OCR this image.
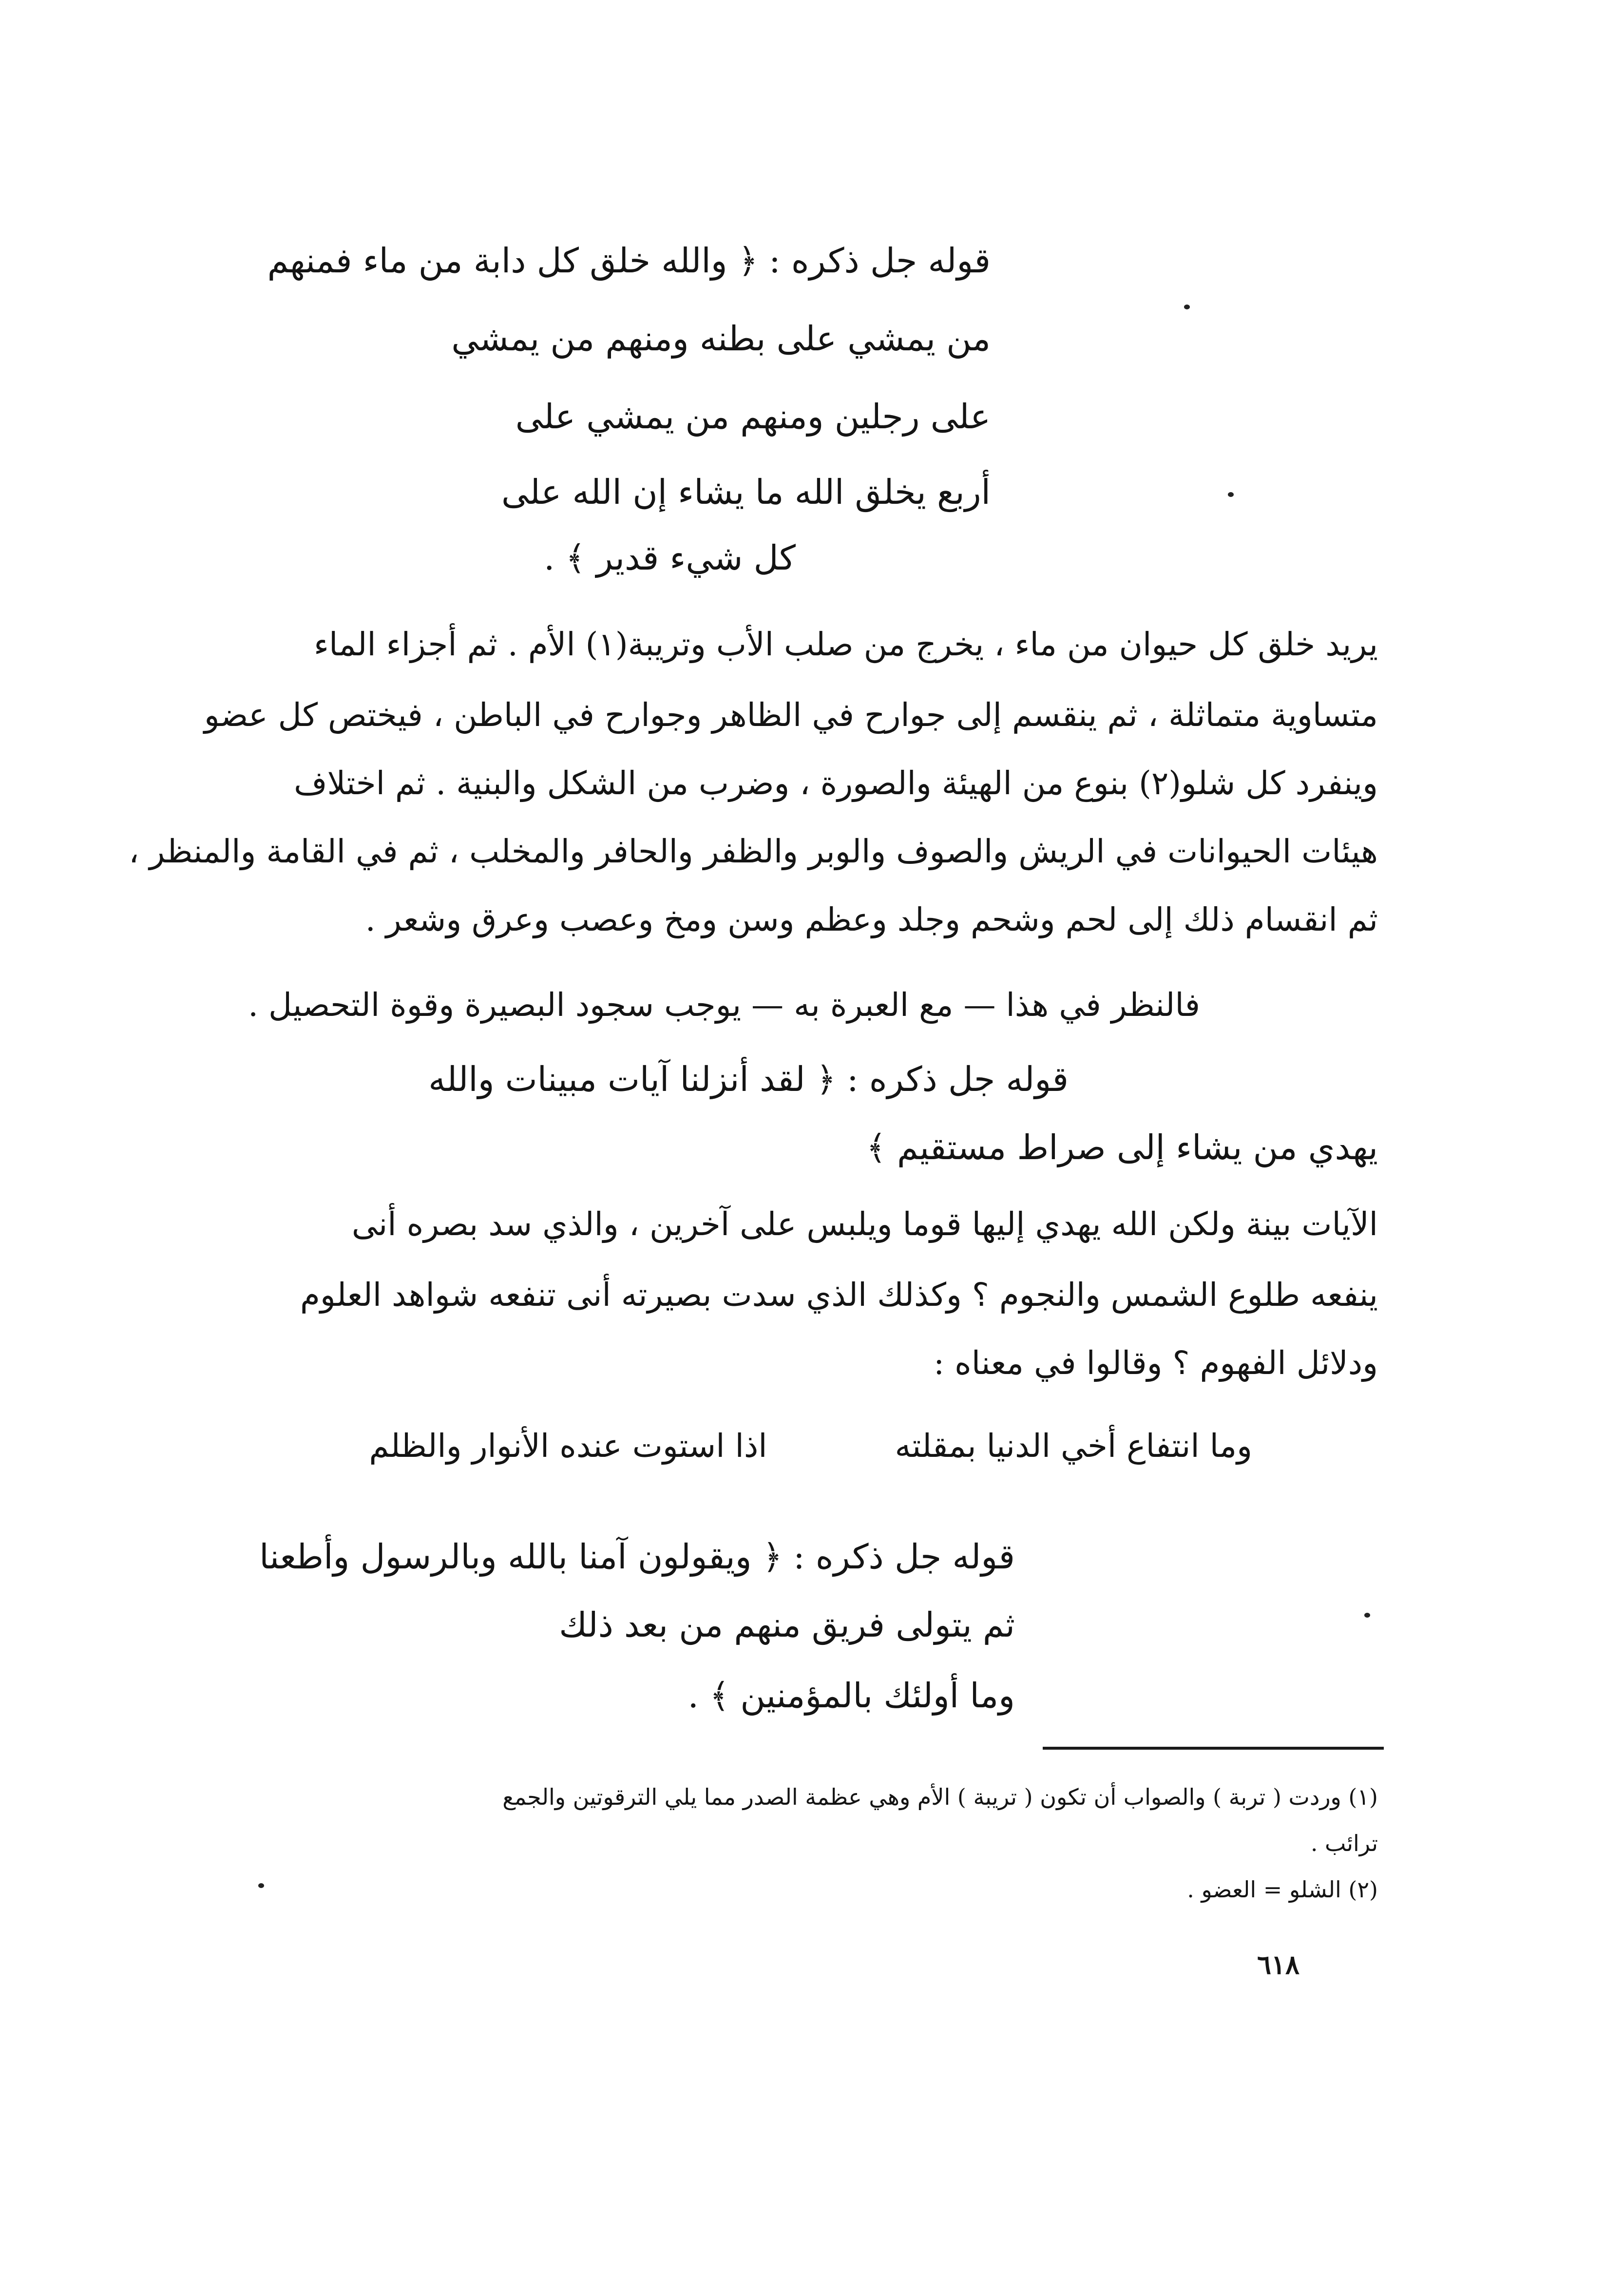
قوله جل ذكره : ﴿ والله خلق كل دابة من ماء فمنهم
من يمشي على بطنه ومنهم من يمشي
على رجلين ومنهم من يمشي على
أربع يخلق الله ما يشاء إن الله على
كل شيء قدير ﴾ .
يريد خلق كل حيوان من ماء ، يخرج من صلب الأب وتريبة(١) الأم . ثم أجزاء الماء
متساوية متماثلة ، ثم ينقسم إلى جوارح في الظاهر وجوارح في الباطن ، فيختص كل عضو
وينفرد كل شلو(٢) بنوع من الهيئة والصورة ، وضرب من الشكل والبنية . ثم اختلاف
هيئات الحيوانات في الريش والصوف والوبر والظفر والحافر والمخلب ، ثم في القامة والمنظر ،
ثم انقسام ذلك إلى لحم وشحم وجلد وعظم وسن ومخ وعصب وعرق وشعر .
فالنظر في هذا — مع العبرة به — يوجب سجود البصيرة وقوة التحصيل .
قوله جل ذكره : ﴿ لقد أنزلنا آيات مبينات والله
يهدي من يشاء إلى صراط مستقيم ﴾
الآيات بينة ولكن الله يهدي إليها قوما ويلبس على آخرين ، والذي سد بصره أنى
ينفعه طلوع الشمس والنجوم ؟ وكذلك الذي سدت بصيرته أنى تنفعه شواهد العلوم
ودلائل الفهوم ؟ وقالوا في معناه :
وما انتفاع أخي الدنيا بمقلته  اذا استوت عنده الأنوار والظلم
قوله جل ذكره : ﴿ ويقولون آمنا بالله وبالرسول وأطعنا
ثم يتولى فريق منهم من بعد ذلك
وما أولئك بالمؤمنين ﴾ .
(١) وردت ( تربة ) والصواب أن تكون ( تريبة ) الأم وهي عظمة الصدر مما يلي الترقوتين والجمع
ترائب .
(٢) الشلو = العضو .
٦١٨
